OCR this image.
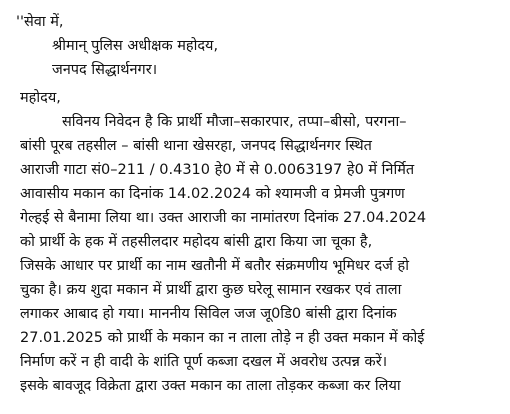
''सेवा में,
श्रीमान् पुलिस अधीक्षक महोदय,
जनपद सिद्धार्थनगर।
महोदय,
सविनय निवेदन है कि प्रार्थी मौजा–सकारपार, तप्पा–बीसो, परगना–
बांसी पूरब तहसील – बांसी थाना खेसरहा, जनपद सिद्धार्थनगर स्थित
आराजी गाटा सं0–211 / 0.4310 हे0 में से 0.0063197 हे0 में निर्मित
आवासीय मकान का दिनांक 14.02.2024 को श्यामजी व प्रेमजी पुत्रगण
गेल्हई से बैनामा लिया था। उक्त आराजी का नामांतरण दिनांक 27.04.2024
को प्रार्थी के हक में तहसीलदार महोदय बांसी द्वारा किया जा चूका है,
जिसके आधार पर प्रार्थी का नाम खतौनी में बतौर संक्रमणीय भूमिधर दर्ज हो
चुका है। क्रय शुदा मकान में प्रार्थी द्वारा कुछ घरेलू सामान रखकर एवं ताला
लगाकर आबाद हो गया। माननीय सिविल जज जू0डि0 बांसी द्वारा दिनांक
27.01.2025 को प्रार्थी के मकान का न ताला तोड़े न ही उक्त मकान में कोई
निर्माण करें न ही वादी के शांति पूर्ण कब्जा दखल में अवरोध उत्पन्न करें।
इसके बावजूद विक्रेता द्वारा उक्त मकान का ताला तोड़कर कब्जा कर लिया
